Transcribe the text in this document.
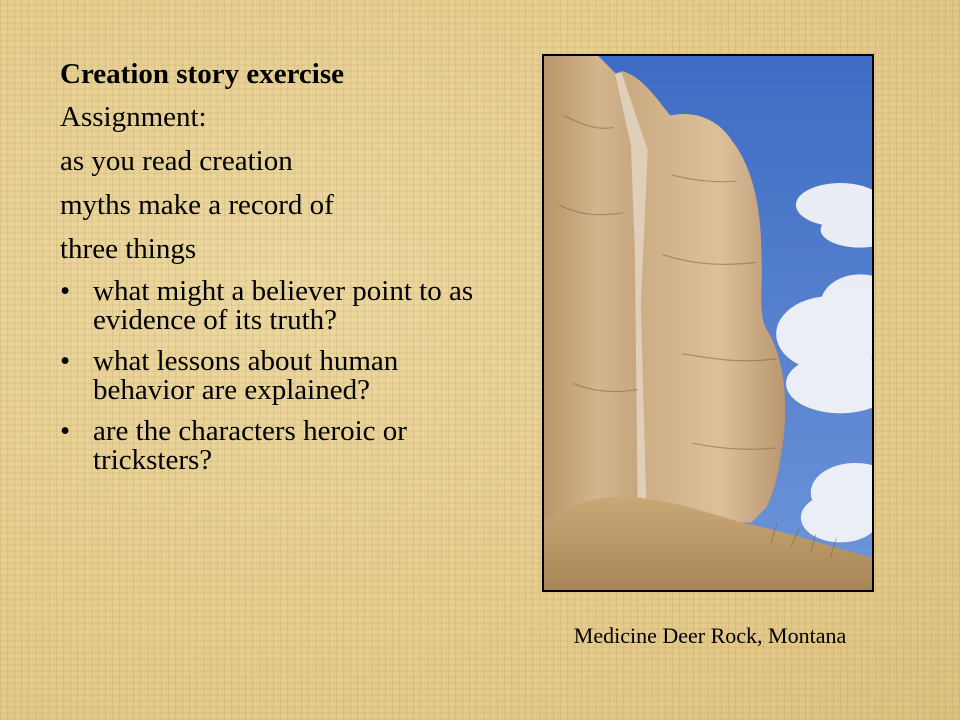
Creation story exercise
Assignment:
as you read creation
myths make a record of
three things
• what might a believer point to as evidence of its truth?
• what lessons about human behavior are explained?
• are the characters heroic or tricksters?
Medicine Deer Rock, Montana
